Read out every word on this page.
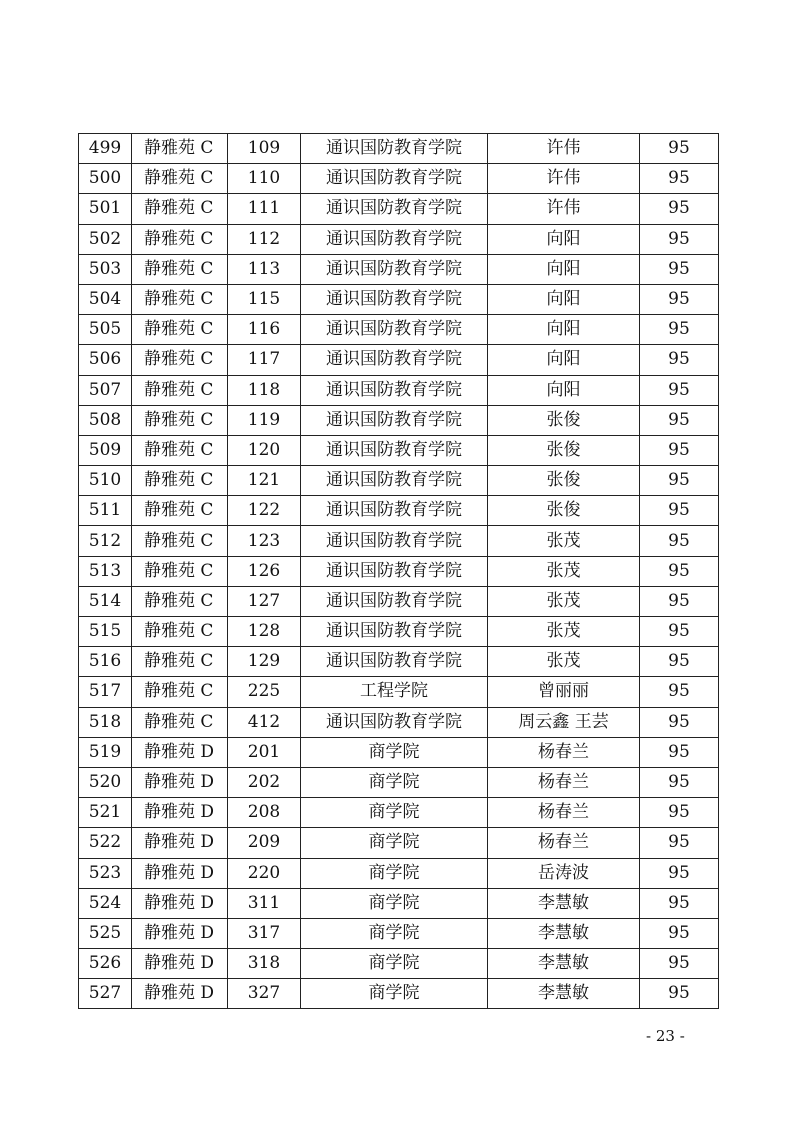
499	静雅苑 C	109	通识国防教育学院	许伟	95
500	静雅苑 C	110	通识国防教育学院	许伟	95
501	静雅苑 C	111	通识国防教育学院	许伟	95
502	静雅苑 C	112	通识国防教育学院	向阳	95
503	静雅苑 C	113	通识国防教育学院	向阳	95
504	静雅苑 C	115	通识国防教育学院	向阳	95
505	静雅苑 C	116	通识国防教育学院	向阳	95
506	静雅苑 C	117	通识国防教育学院	向阳	95
507	静雅苑 C	118	通识国防教育学院	向阳	95
508	静雅苑 C	119	通识国防教育学院	张俊	95
509	静雅苑 C	120	通识国防教育学院	张俊	95
510	静雅苑 C	121	通识国防教育学院	张俊	95
511	静雅苑 C	122	通识国防教育学院	张俊	95
512	静雅苑 C	123	通识国防教育学院	张茂	95
513	静雅苑 C	126	通识国防教育学院	张茂	95
514	静雅苑 C	127	通识国防教育学院	张茂	95
515	静雅苑 C	128	通识国防教育学院	张茂	95
516	静雅苑 C	129	通识国防教育学院	张茂	95
517	静雅苑 C	225	工程学院	曾丽丽	95
518	静雅苑 C	412	通识国防教育学院	周云鑫 王芸	95
519	静雅苑 D	201	商学院	杨春兰	95
520	静雅苑 D	202	商学院	杨春兰	95
521	静雅苑 D	208	商学院	杨春兰	95
522	静雅苑 D	209	商学院	杨春兰	95
523	静雅苑 D	220	商学院	岳涛波	95
524	静雅苑 D	311	商学院	李慧敏	95
525	静雅苑 D	317	商学院	李慧敏	95
526	静雅苑 D	318	商学院	李慧敏	95
527	静雅苑 D	327	商学院	李慧敏	95
- 23 -
